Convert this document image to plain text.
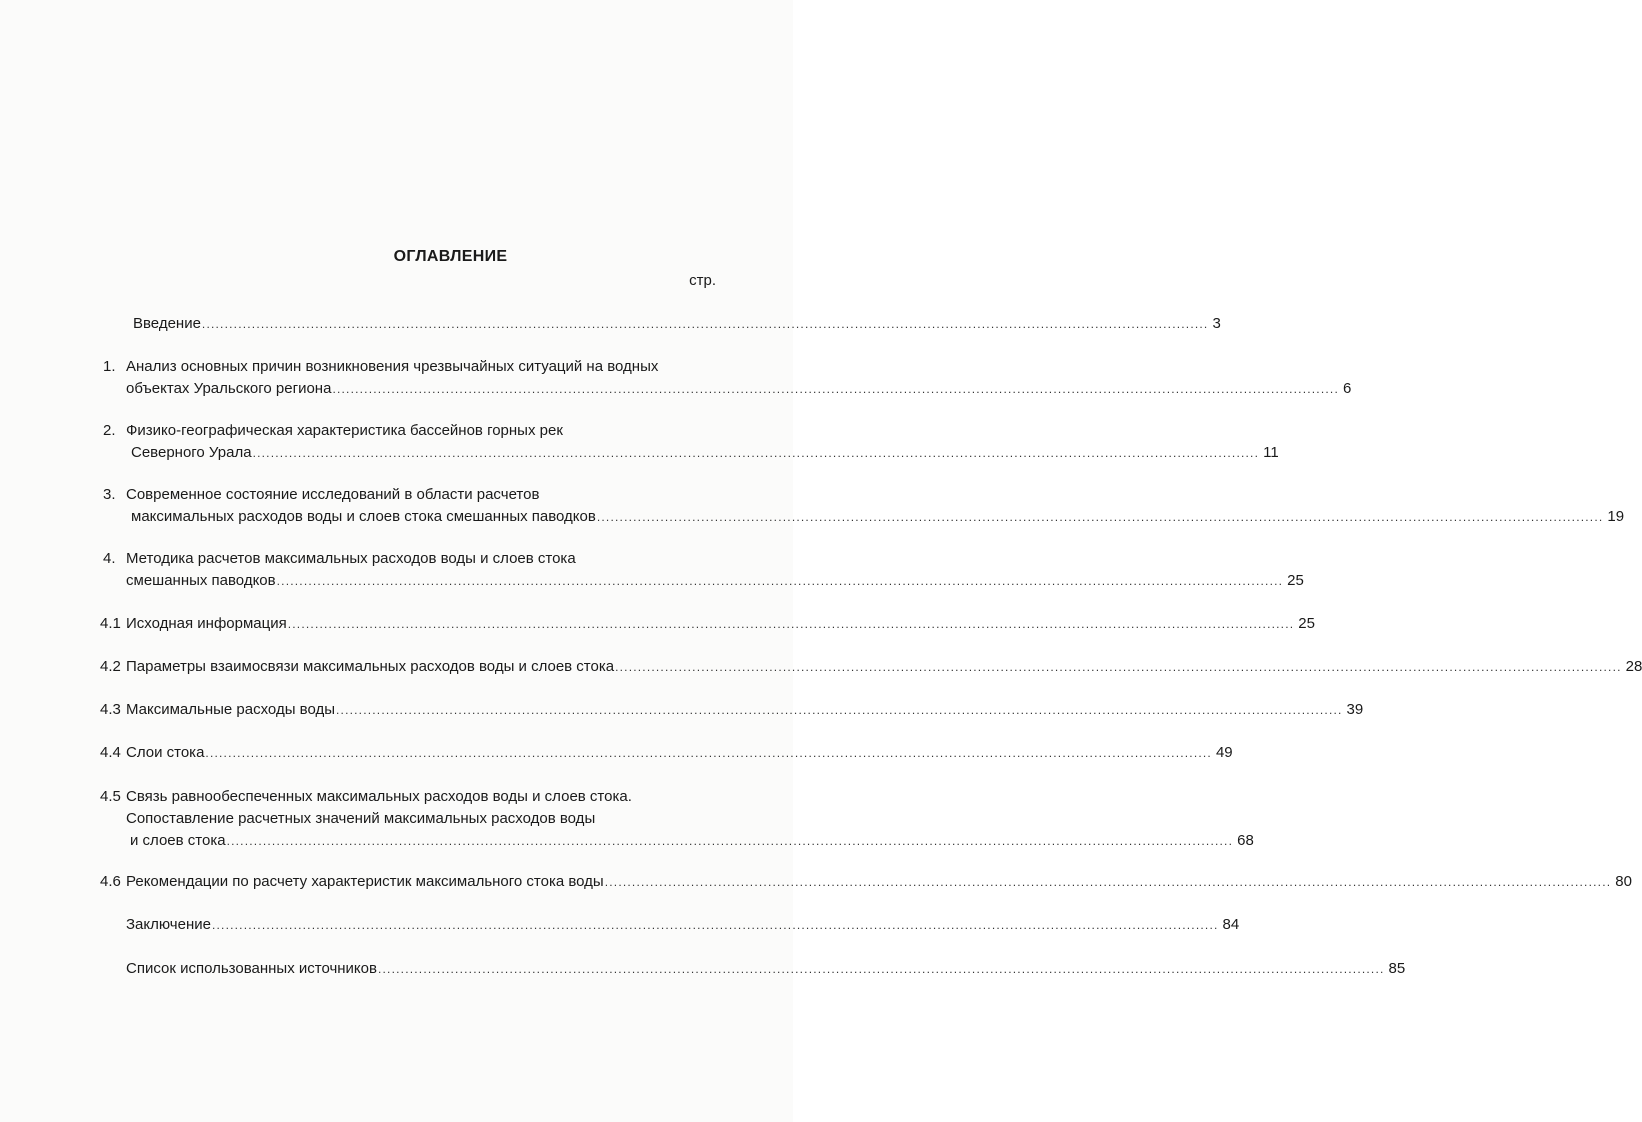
ОГЛАВЛЕНИЕ
стр.
Введение .............................................................................................................................................................................................................................. 3
1. Анализ основных причин возникновения чрезвычайных ситуаций на водных
объектах Уральского региона .............................................................................................................................................................................................................................. 6
2. Физико-географическая характеристика бассейнов горных рек
Северного Урала .............................................................................................................................................................................................................................. 11
3. Современное состояние исследований в области расчетов
максимальных расходов воды и слоев стока смешанных паводков .............................................................................................................................................................................................................................. 19
4. Методика расчетов максимальных расходов воды и слоев стока
смешанных паводков .............................................................................................................................................................................................................................. 25
4.1 Исходная информация .............................................................................................................................................................................................................................. 25
4.2 Параметры взаимосвязи максимальных расходов воды и слоев стока .............................................................................................................................................................................................................................. 28
4.3 Максимальные расходы воды .............................................................................................................................................................................................................................. 39
4.4 Слои стока .............................................................................................................................................................................................................................. 49
4.5 Связь равнообеспеченных максимальных расходов воды и слоев стока.
Сопоставление расчетных значений максимальных расходов воды
и слоев стока .............................................................................................................................................................................................................................. 68
4.6 Рекомендации по расчету характеристик максимального стока воды .............................................................................................................................................................................................................................. 80
Заключение .............................................................................................................................................................................................................................. 84
Список использованных источников .............................................................................................................................................................................................................................. 85
